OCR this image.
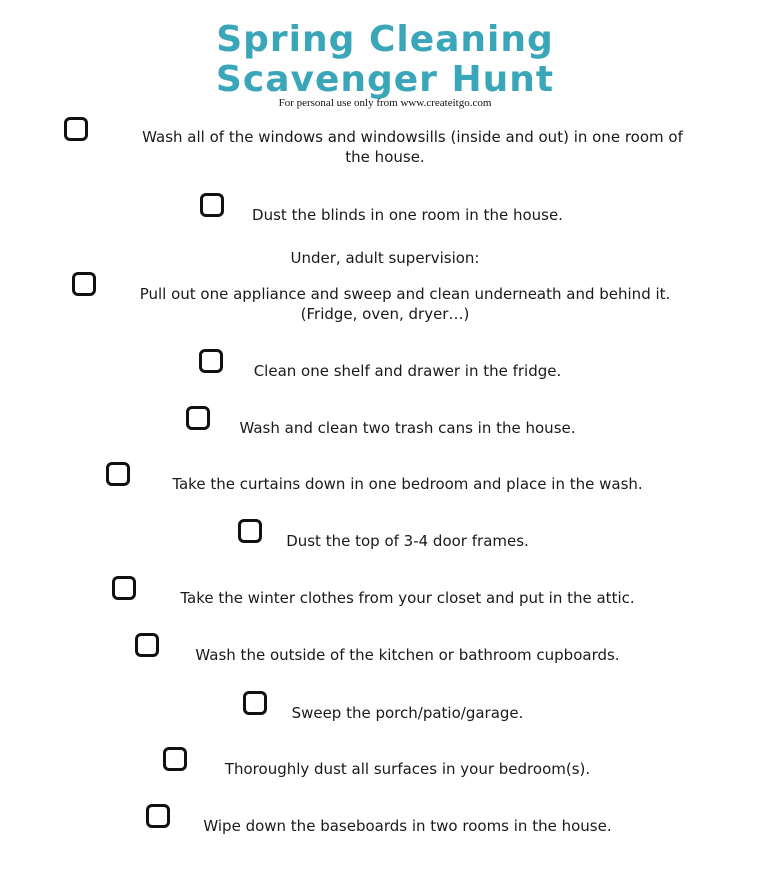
Spring Cleaning
Scavenger Hunt
For personal use only from www.createitgo.com
Wash all of the windows and windowsills (inside and out) in one room of
the house.
Dust the blinds in one room in the house.
Under, adult supervision:
Pull out one appliance and sweep and clean underneath and behind it.
(Fridge, oven, dryer…)
Clean one shelf and drawer in the fridge.
Wash and clean two trash cans in the house.
Take the curtains down in one bedroom and place in the wash.
Dust the top of 3-4 door frames.
Take the winter clothes from your closet and put in the attic.
Wash the outside of the kitchen or bathroom cupboards.
Sweep the porch/patio/garage.
Thoroughly dust all surfaces in your bedroom(s).
Wipe down the baseboards in two rooms in the house.
